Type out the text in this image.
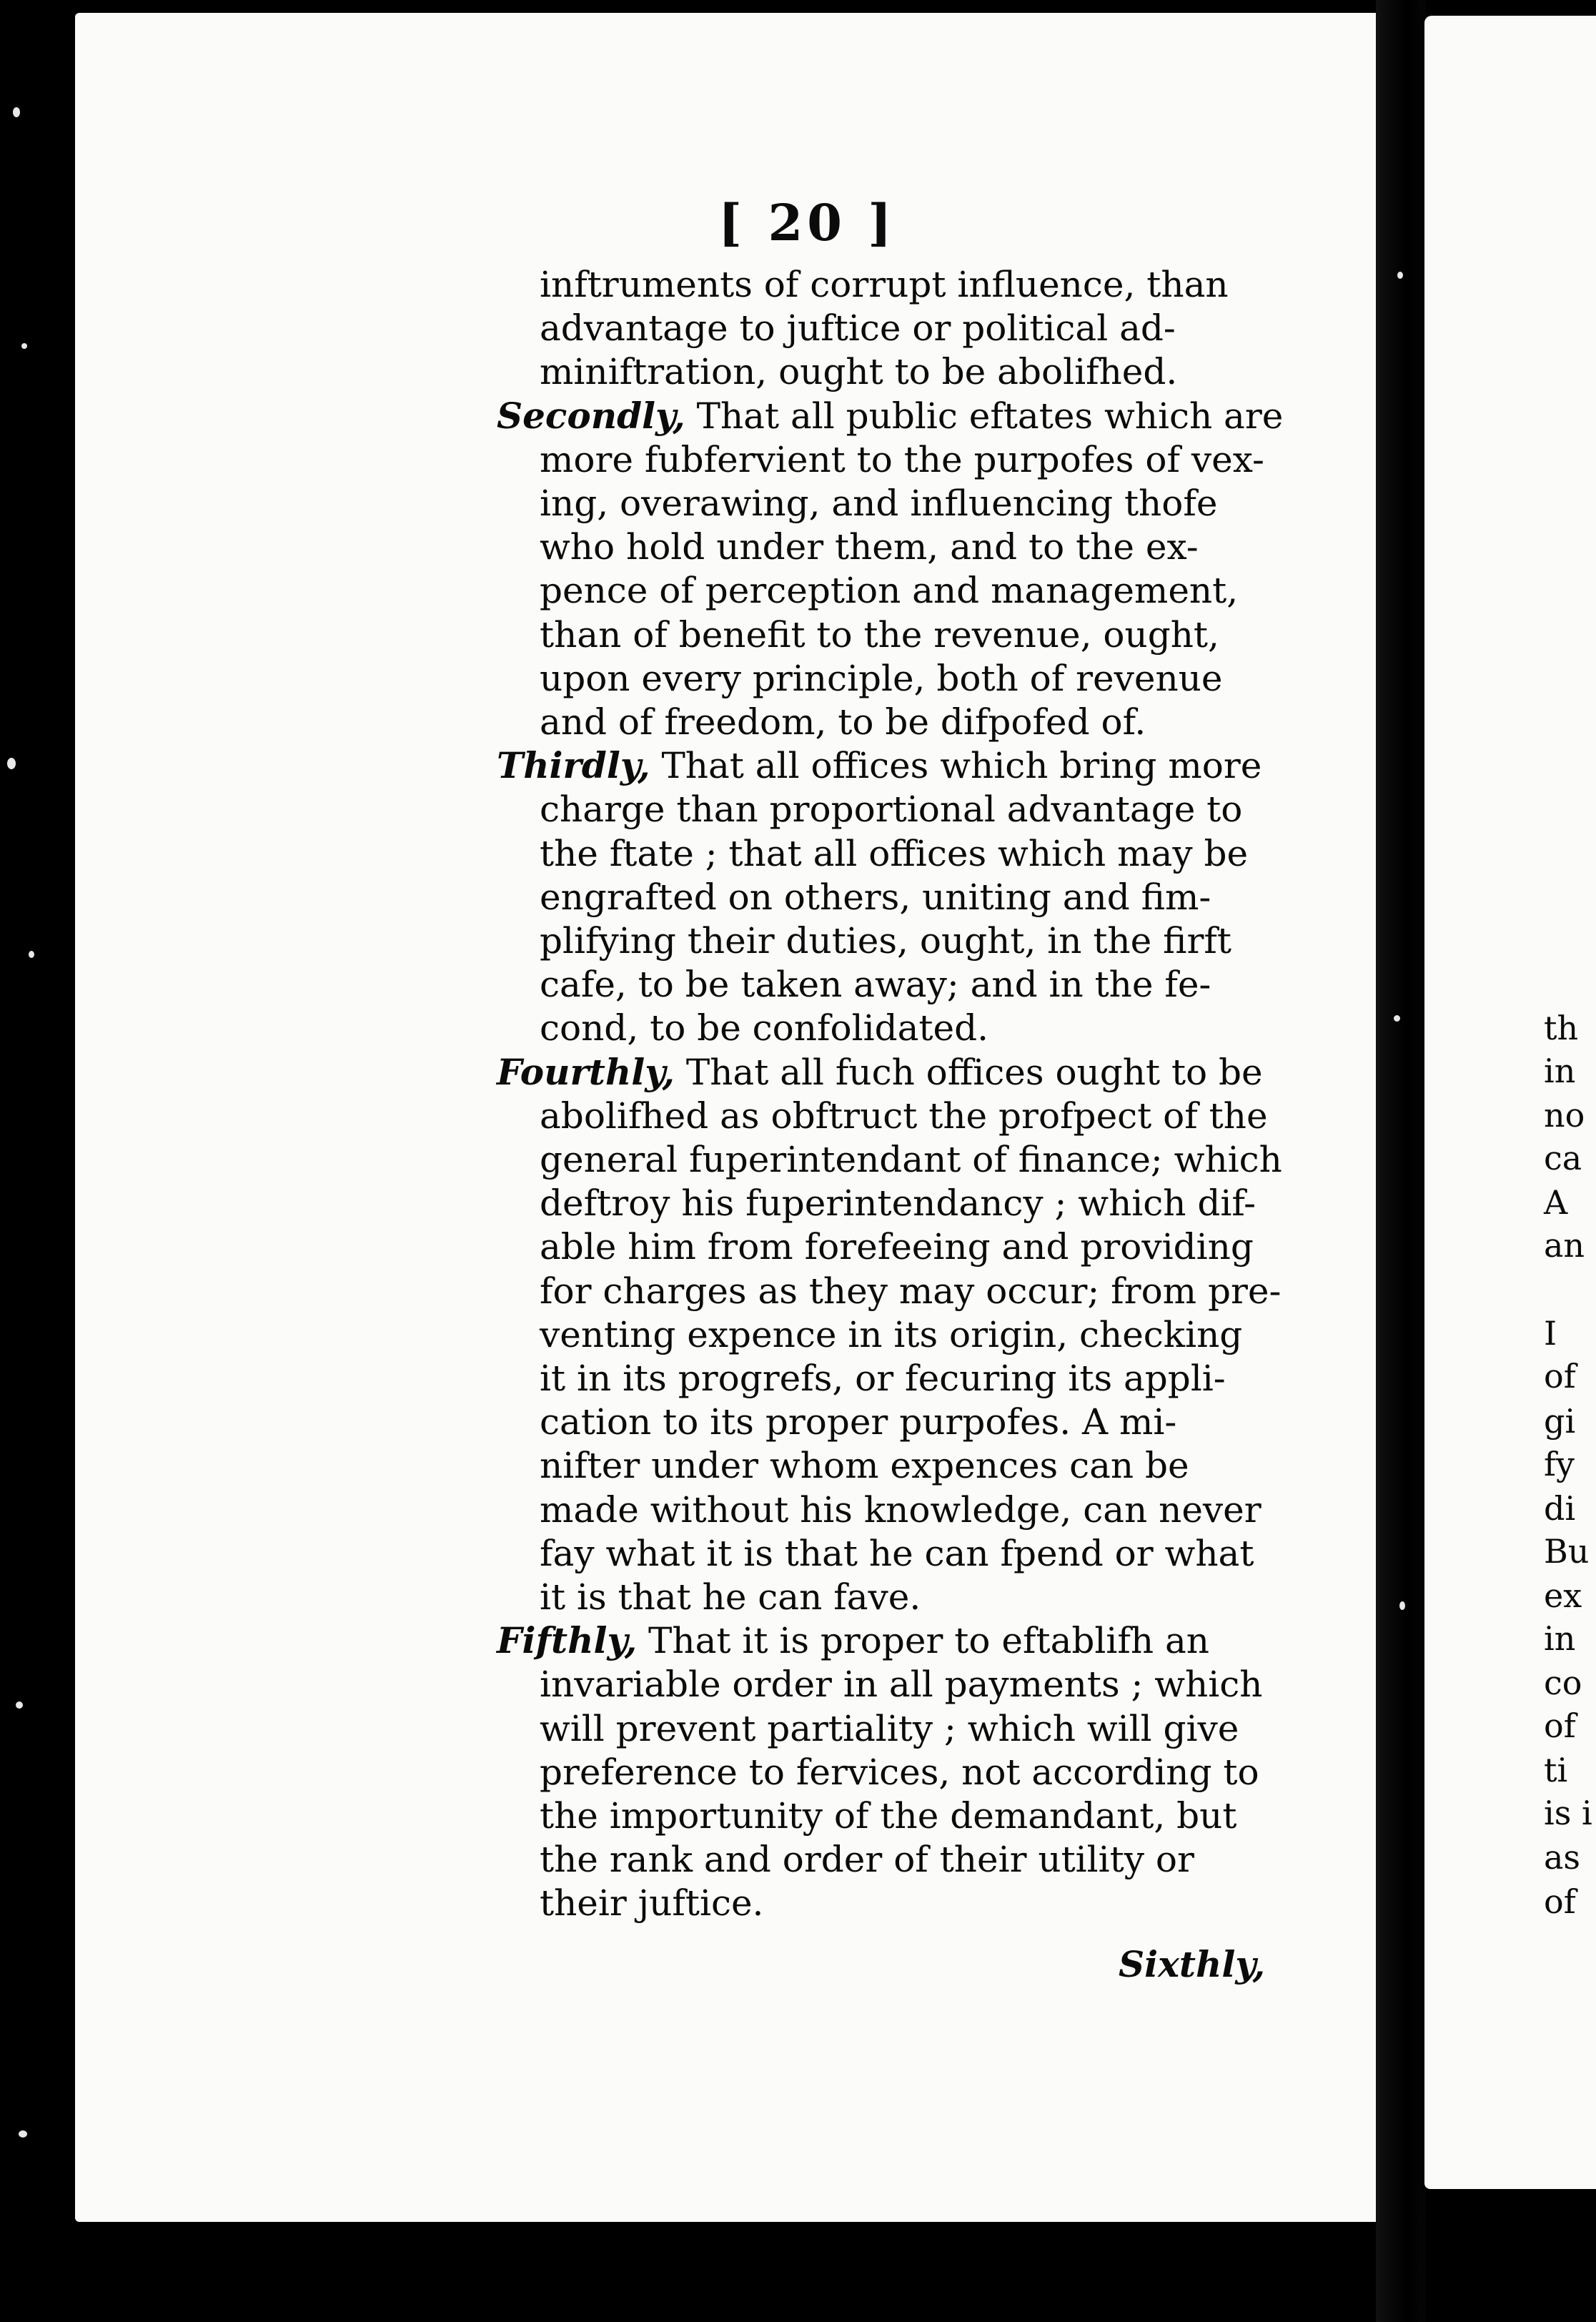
[ 20 ]
inftruments of corrupt influence, than
advantage to juftice or political ad-
miniftration, ought to be abolifhed.
Secondly, That all public eftates which are
more fubfervient to the purpofes of vex-
ing, overawing, and influencing thofe
who hold under them, and to the ex-
pence of perception and management,
than of benefit to the revenue, ought,
upon every principle, both of revenue
and of freedom, to be difpofed of.
Thirdly, That all offices which bring more
charge than proportional advantage to
the ftate ; that all offices which may be
engrafted on others, uniting and fim-
plifying their duties, ought, in the firft
cafe, to be taken away; and in the fe-
cond, to be confolidated.
Fourthly, That all fuch offices ought to be
abolifhed as obftruct the profpect of the
general fuperintendant of finance; which
deftroy his fuperintendancy ; which dif-
able him from forefeeing and providing
for charges as they may occur; from pre-
venting expence in its origin, checking
it in its progrefs, or fecuring its appli-
cation to its proper purpofes. A mi-
nifter under whom expences can be
made without his knowledge, can never
fay what it is that he can fpend or what
it is that he can fave.
Fifthly, That it is proper to eftablifh an
invariable order in all payments ; which
will prevent partiality ; which will give
preference to fervices, not according to
the importunity of the demandant, but
the rank and order of their utility or
their juftice.
Sixthly,
th
in
no
ca
A
an
I
of
gi
fy
di
Bu
ex
in
co
of
ti
is i
as
of
